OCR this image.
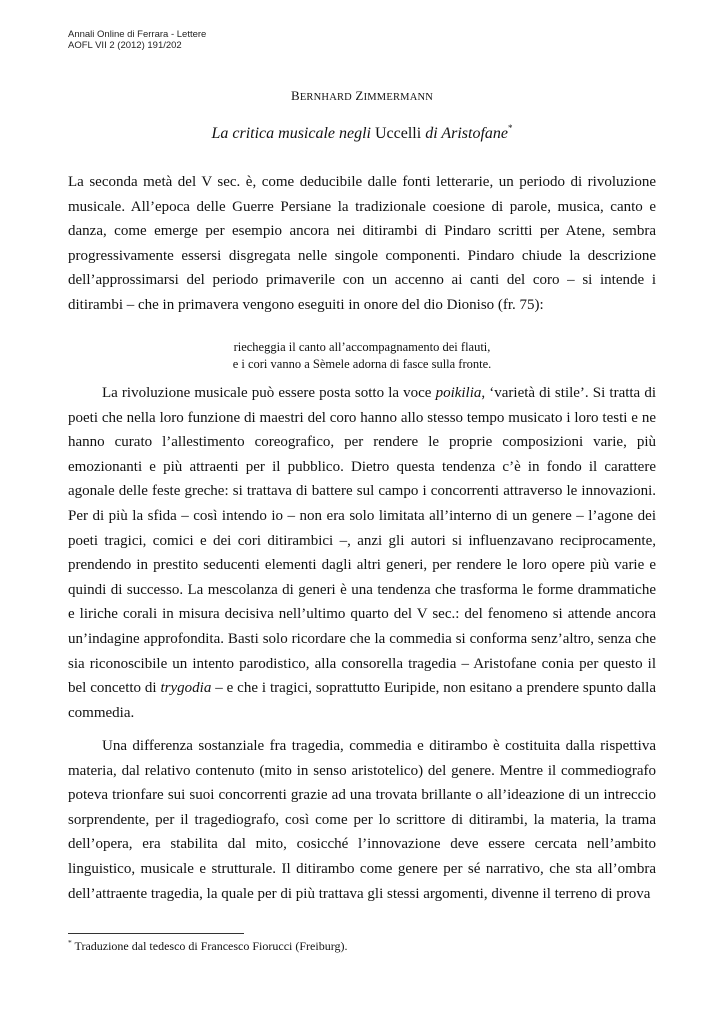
Annali Online di Ferrara - Lettere
AOFL VII 2 (2012) 191/202
BERNHARD ZIMMERMANN
La critica musicale negli Uccelli di Aristofane*

La seconda metà del V sec. è, come deducibile dalle fonti letterarie, un periodo di rivoluzione musicale. All’epoca delle Guerre Persiane la tradizionale coesione di parole, musica, canto e danza, come emerge per esempio ancora nei ditirambi di Pindaro scritti per Atene, sembra progressivamente essersi disgregata nelle singole componenti. Pindaro chiude la descrizione dell’approssimarsi del periodo primaverile con un accenno ai canti del coro – si intende i ditirambi – che in primavera vengono eseguiti in onore del dio Dioniso (fr. 75):

riecheggia il canto all’accompagnamento dei flauti,
e i cori vanno a Sèmele adorna di fasce sulla fronte.

La rivoluzione musicale può essere posta sotto la voce poikilia, ‘varietà di stile’. Si tratta di poeti che nella loro funzione di maestri del coro hanno allo stesso tempo musicato i loro testi e ne hanno curato l’allestimento coreografico, per rendere le proprie composizioni varie, più emozionanti e più attraenti per il pubblico. Dietro questa tendenza c’è in fondo il carattere agonale delle feste greche: si trattava di battere sul campo i concorrenti attraverso le innovazioni. Per di più la sfida – così intendo io – non era solo limitata all’interno di un genere – l’agone dei poeti tragici, comici e dei cori ditirambici –, anzi gli autori si influenzavano reciprocamente, prendendo in prestito seducenti elementi dagli altri generi, per rendere le loro opere più varie e quindi di successo. La mescolanza di generi è una tendenza che trasforma le forme drammatiche e liriche corali in misura decisiva nell’ultimo quarto del V sec.: del fenomeno si attende ancora un’indagine approfondita. Basti solo ricordare che la commedia si conforma senz’altro, senza che sia riconoscibile un intento parodistico, alla consorella tragedia – Aristofane conia per questo il bel concetto di trygodia – e che i tragici, soprattutto Euripide, non esitano a prendere spunto dalla commedia.

Una differenza sostanziale fra tragedia, commedia e ditirambo è costituita dalla rispettiva materia, dal relativo contenuto (mito in senso aristotelico) del genere. Mentre il commediografo poteva trionfare sui suoi concorrenti grazie ad una trovata brillante o all’ideazione di un intreccio sorprendente, per il tragediografo, così come per lo scrittore di ditirambi, la materia, la trama dell’opera, era stabilita dal mito, cosicché l’innovazione deve essere cercata nell’ambito linguistico, musicale e strutturale. Il ditirambo come genere per sé narrativo, che sta all’ombra dell’attraente tragedia, la quale per di più trattava gli stessi argomenti, divenne il terreno di prova

* Traduzione dal tedesco di Francesco Fiorucci (Freiburg).
